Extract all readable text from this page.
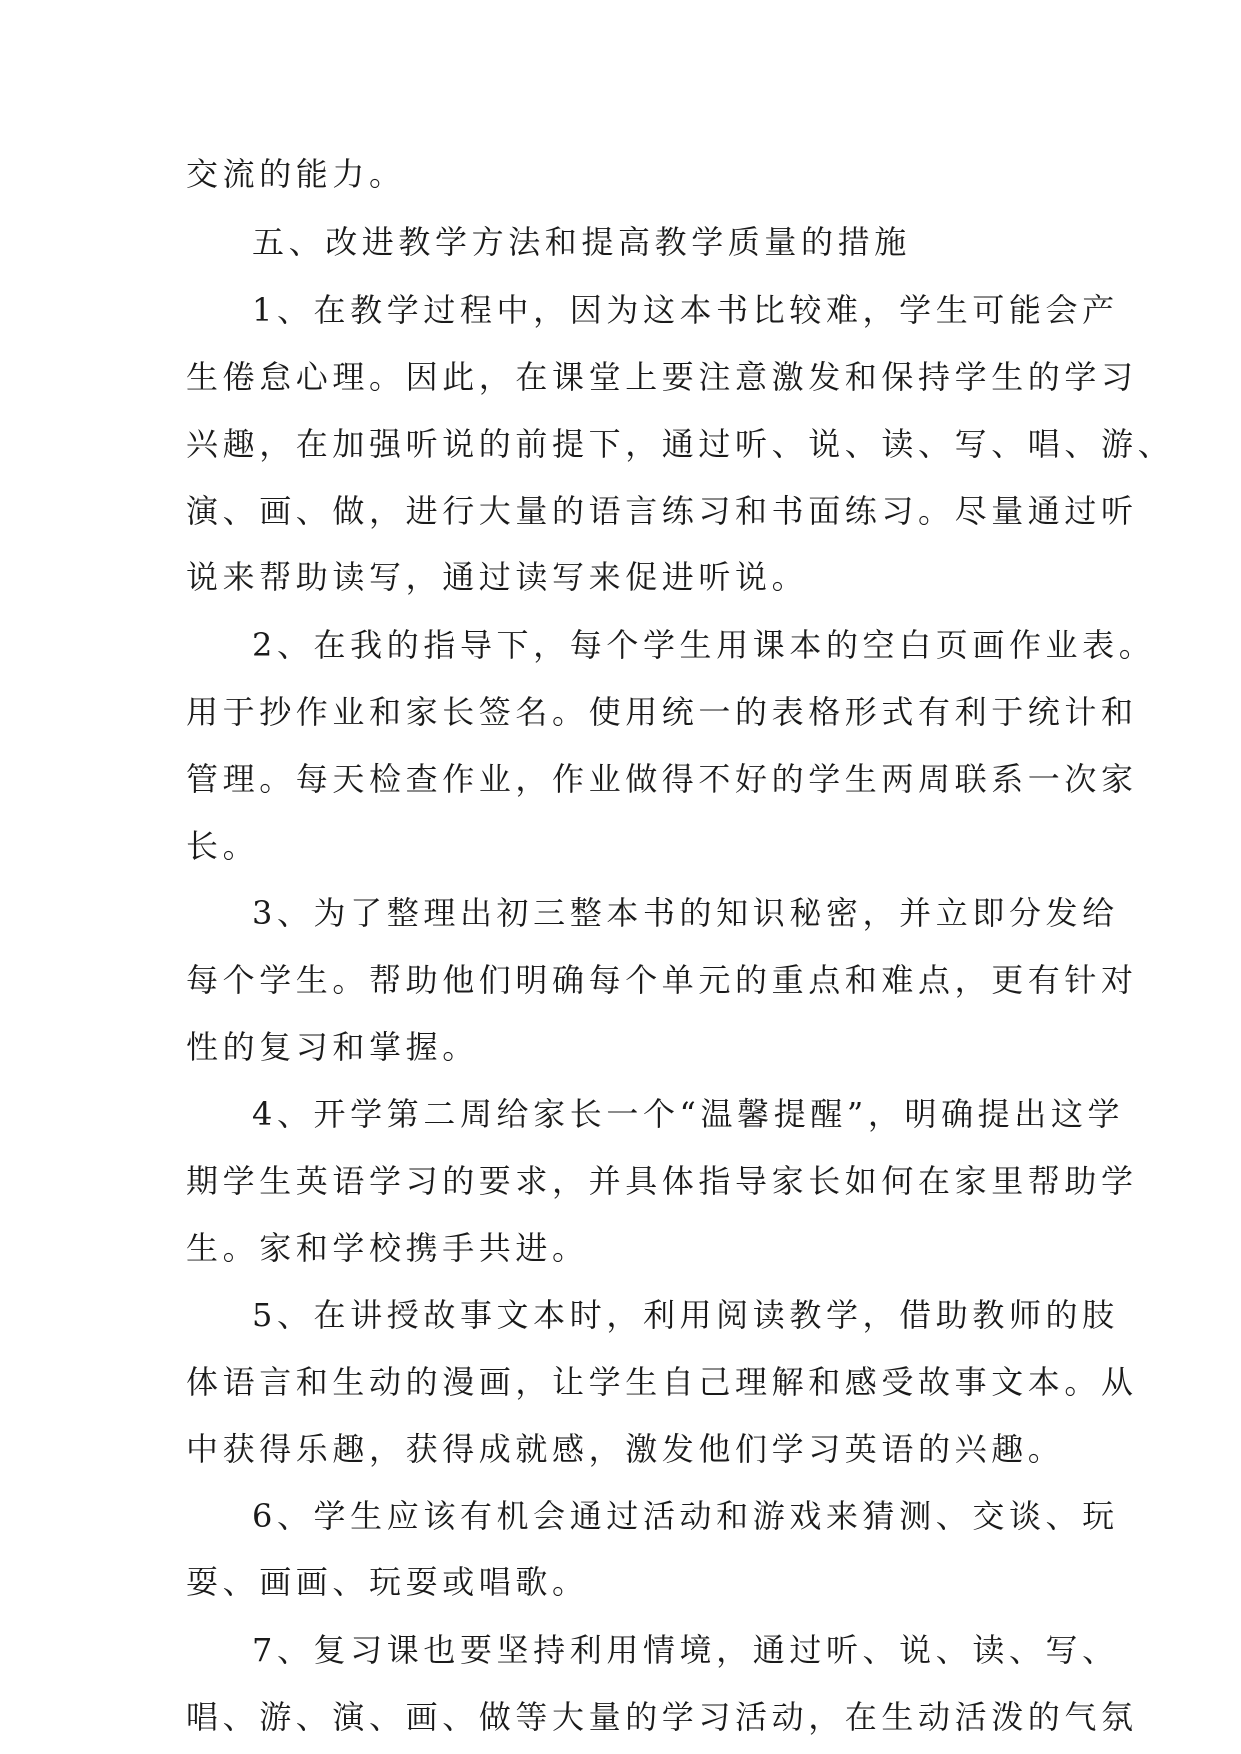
交流的能力。
五、改进教学方法和提高教学质量的措施
1、在教学过程中，因为这本书比较难，学生可能会产
生倦怠心理。因此，在课堂上要注意激发和保持学生的学习
兴趣，在加强听说的前提下，通过听、说、读、写、唱、游、
演、画、做，进行大量的语言练习和书面练习。尽量通过听
说来帮助读写，通过读写来促进听说。
2、在我的指导下，每个学生用课本的空白页画作业表。
用于抄作业和家长签名。使用统一的表格形式有利于统计和
管理。每天检查作业，作业做得不好的学生两周联系一次家
长。
3、为了整理出初三整本书的知识秘密，并立即分发给
每个学生。帮助他们明确每个单元的重点和难点，更有针对
性的复习和掌握。
4、开学第二周给家长一个“温馨提醒”，明确提出这学
期学生英语学习的要求，并具体指导家长如何在家里帮助学
生。家和学校携手共进。
5、在讲授故事文本时，利用阅读教学，借助教师的肢
体语言和生动的漫画，让学生自己理解和感受故事文本。从
中获得乐趣，获得成就感，激发他们学习英语的兴趣。
6、学生应该有机会通过活动和游戏来猜测、交谈、玩
耍、画画、玩耍或唱歌。
7、复习课也要坚持利用情境，通过听、说、读、写、
唱、游、演、画、做等大量的学习活动，在生动活泼的气氛
